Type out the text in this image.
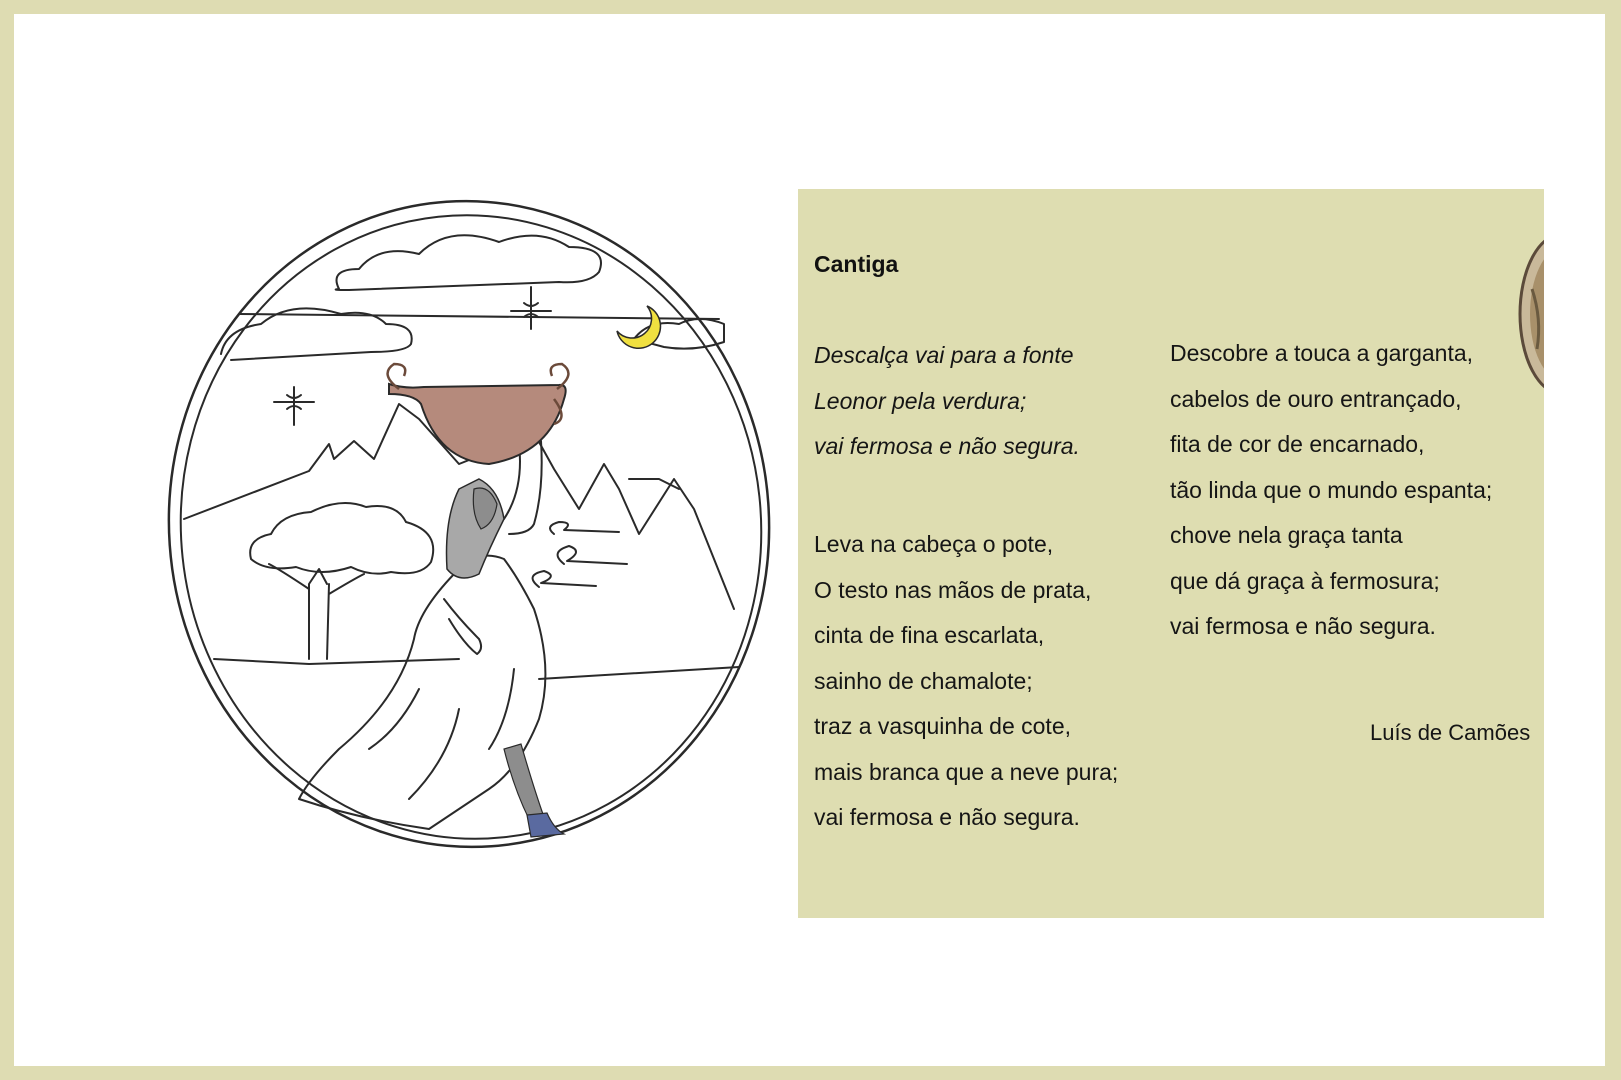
Cantiga
Descalça vai para a fonte
Leonor pela verdura;
vai fermosa e não segura.
Leva na cabeça o pote,
O testo nas mãos de prata,
cinta de fina escarlata,
sainho de chamalote;
traz a vasquinha de cote,
mais branca que a neve pura;
vai fermosa e não segura.
Descobre a touca a garganta,
cabelos de ouro entrançado,
fita de cor de encarnado,
tão linda que o mundo espanta;
chove nela graça tanta
que dá graça à fermosura;
vai fermosa e não segura.
Luís de Camões
